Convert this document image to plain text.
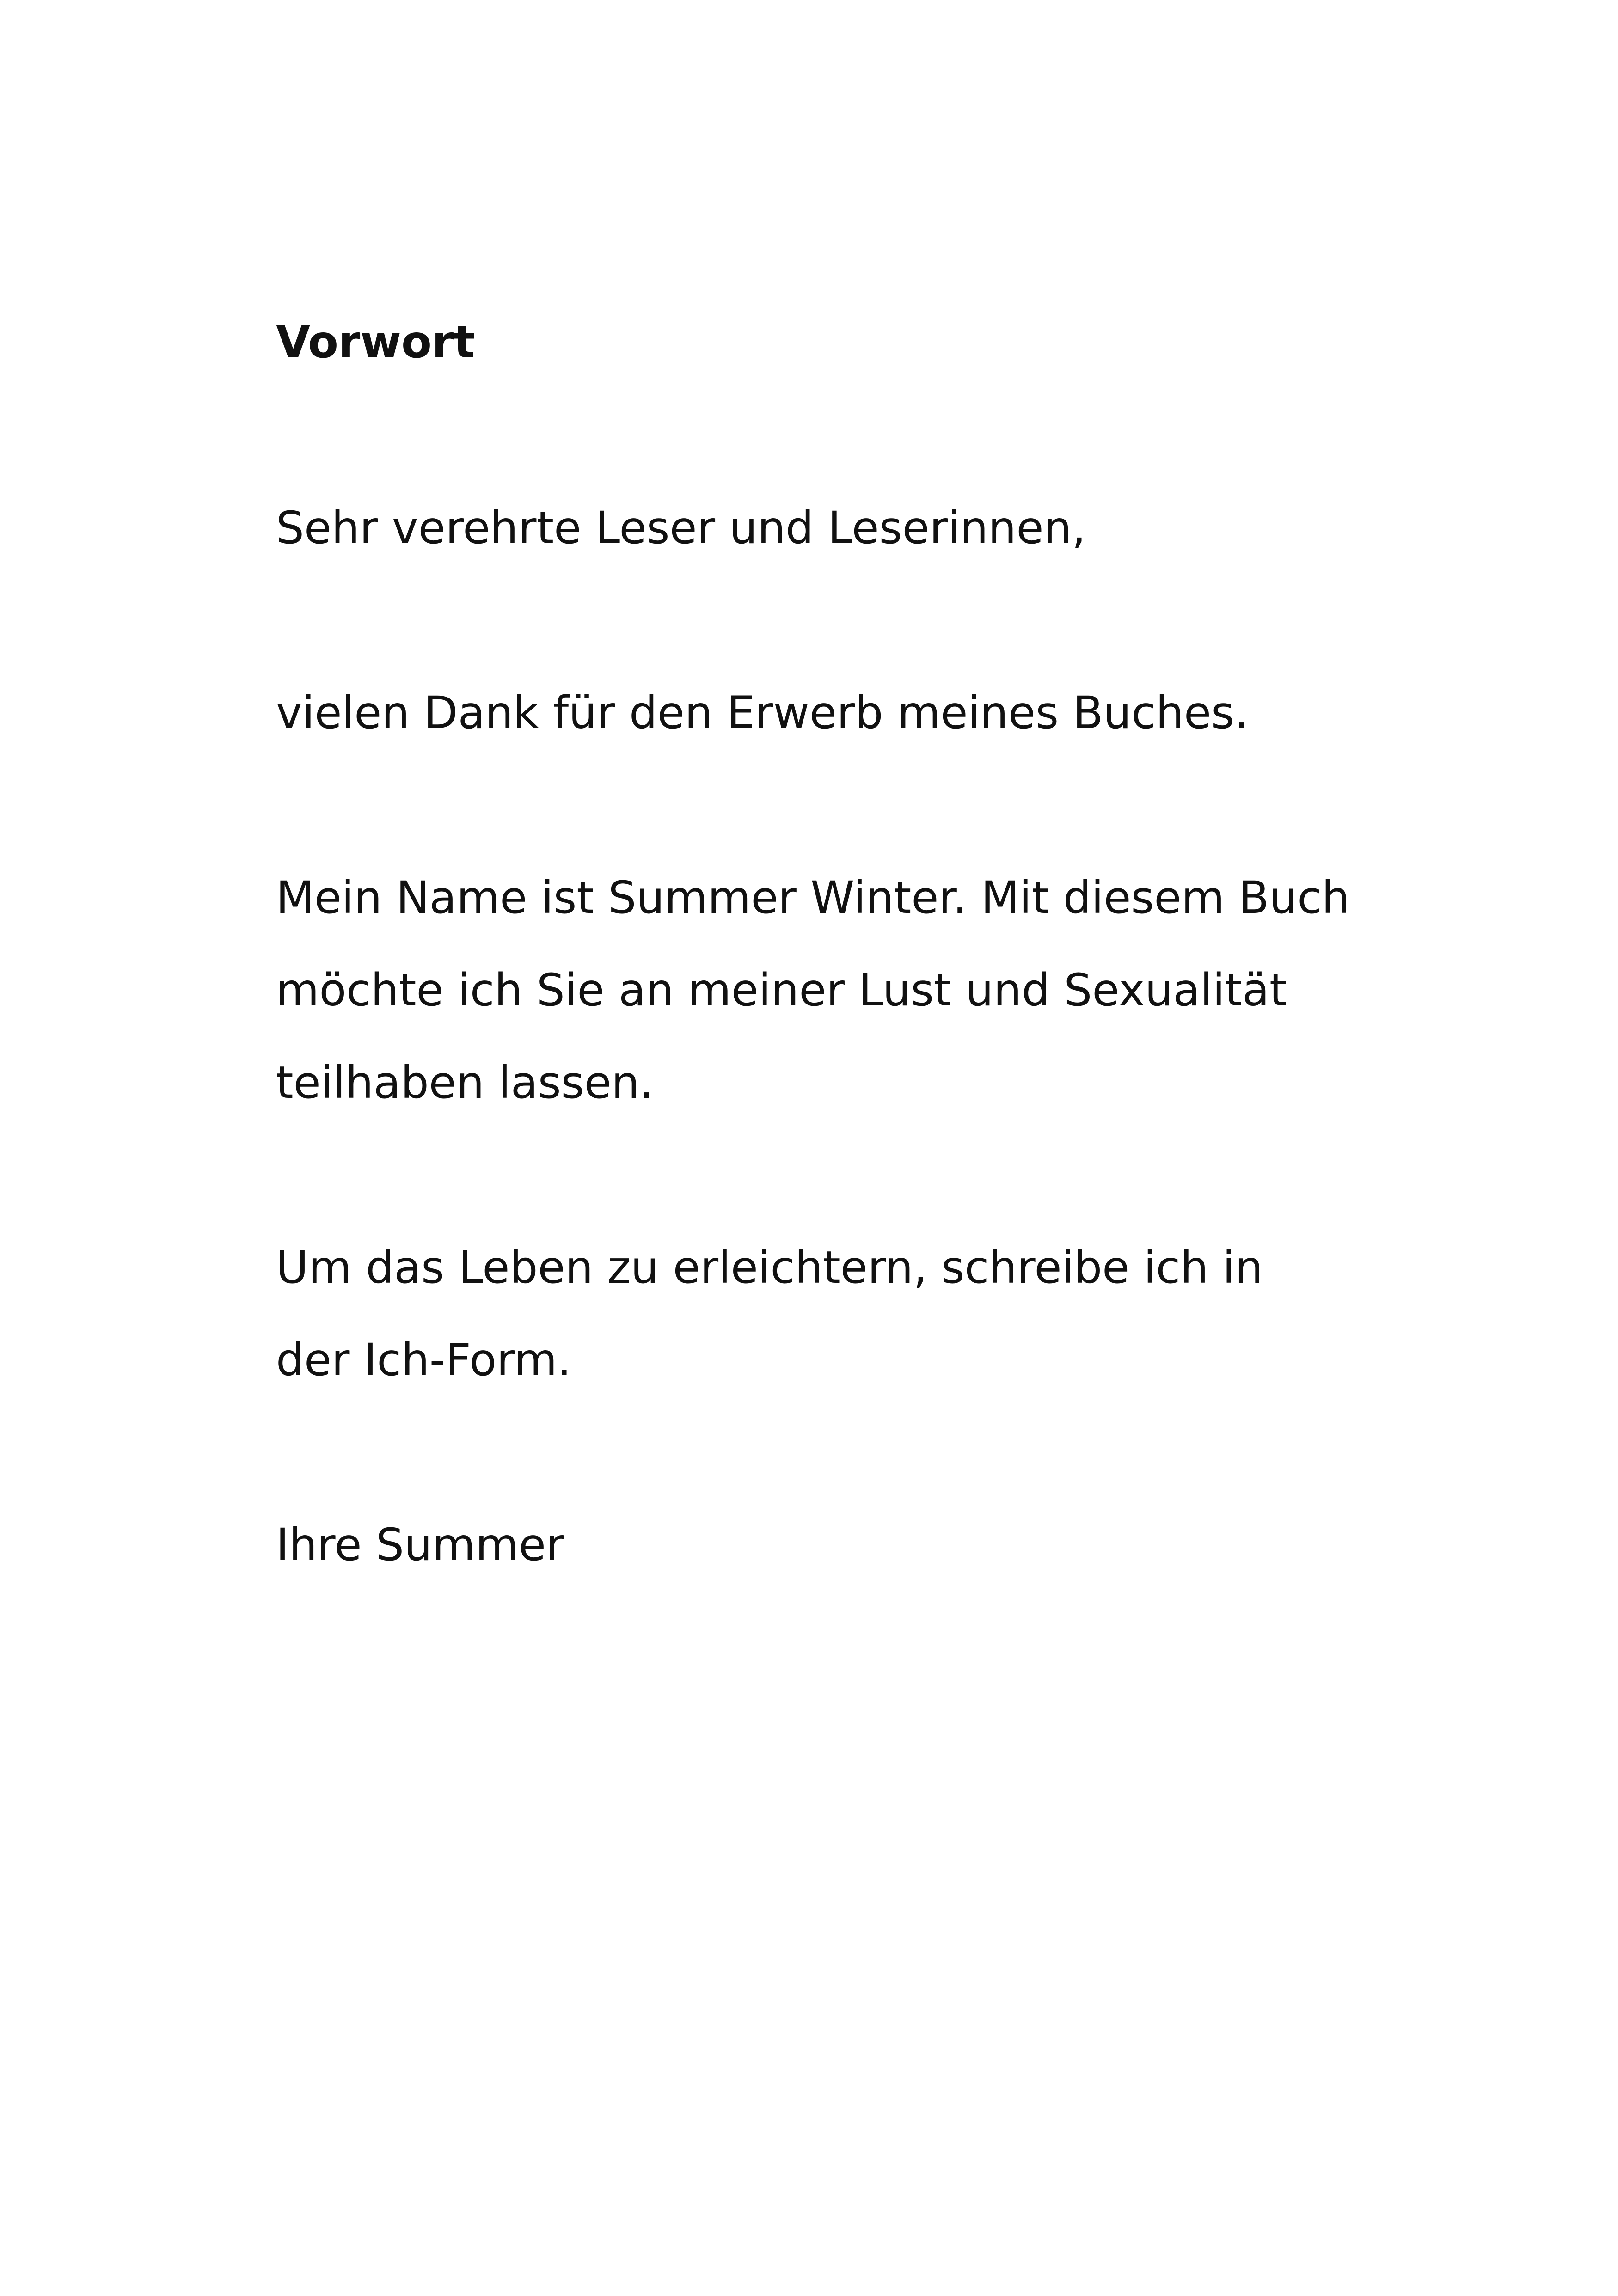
Vorwort

Sehr verehrte Leser und Leserinnen,

vielen Dank für den Erwerb meines Buches.

Mein Name ist Summer Winter. Mit diesem Buch
möchte ich Sie an meiner Lust und Sexualität
teilhaben lassen.

Um das Leben zu erleichtern, schreibe ich in
der Ich-Form.

Ihre Summer
